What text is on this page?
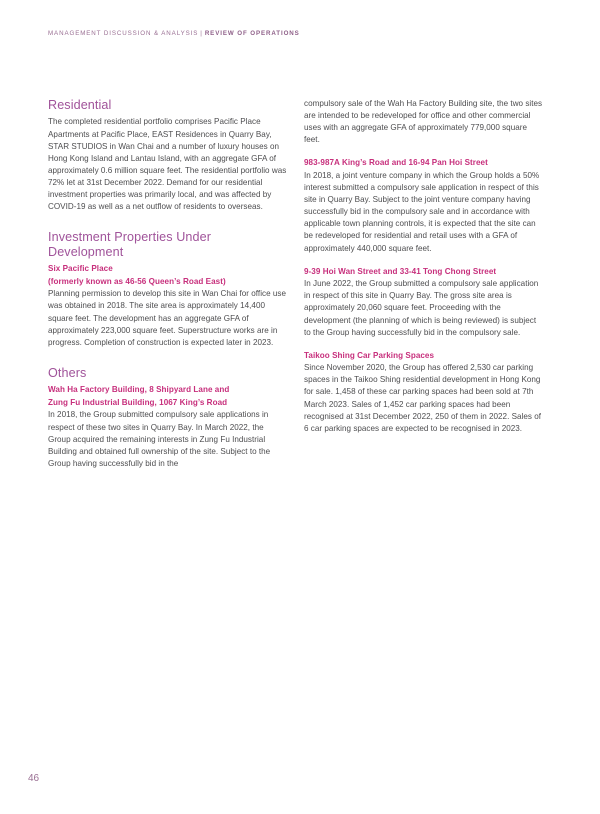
MANAGEMENT DISCUSSION & ANALYSIS | REVIEW OF OPERATIONS
Residential

The completed residential portfolio comprises Pacific Place Apartments at Pacific Place, EAST Residences in Quarry Bay, STAR STUDIOS in Wan Chai and a number of luxury houses on Hong Kong Island and Lantau Island, with an aggregate GFA of approximately 0.6 million square feet. The residential portfolio was 72% let at 31st December 2022. Demand for our residential investment properties was primarily local, and was affected by COVID-19 as well as a net outflow of residents to overseas.

Investment Properties Under Development
Six Pacific Place
(formerly known as 46-56 Queen’s Road East)

Planning permission to develop this site in Wan Chai for office use was obtained in 2018. The site area is approximately 14,400 square feet. The development has an aggregate GFA of approximately 223,000 square feet. Superstructure works are in progress. Completion of construction is expected later in 2023.

Others
Wah Ha Factory Building, 8 Shipyard Lane and
Zung Fu Industrial Building, 1067 King’s Road

In 2018, the Group submitted compulsory sale applications in respect of these two sites in Quarry Bay. In March 2022, the Group acquired the remaining interests in Zung Fu Industrial Building and obtained full ownership of the site. Subject to the Group having successfully bid in the

compulsory sale of the Wah Ha Factory Building site, the two sites are intended to be redeveloped for office and other commercial uses with an aggregate GFA of approximately 779,000 square feet.

983-987A King’s Road and 16-94 Pan Hoi Street

In 2018, a joint venture company in which the Group holds a 50% interest submitted a compulsory sale application in respect of this site in Quarry Bay. Subject to the joint venture company having successfully bid in the compulsory sale and in accordance with applicable town planning controls, it is expected that the site can be redeveloped for residential and retail uses with a GFA of approximately 440,000 square feet.

9-39 Hoi Wan Street and 33-41 Tong Chong Street

In June 2022, the Group submitted a compulsory sale application in respect of this site in Quarry Bay. The gross site area is approximately 20,060 square feet. Proceeding with the development (the planning of which is being reviewed) is subject to the Group having successfully bid in the compulsory sale.

Taikoo Shing Car Parking Spaces

Since November 2020, the Group has offered 2,530 car parking spaces in the Taikoo Shing residential development in Hong Kong for sale. 1,458 of these car parking spaces had been sold at 7th March 2023. Sales of 1,452 car parking spaces had been recognised at 31st December 2022, 250 of them in 2022. Sales of 6 car parking spaces are expected to be recognised in 2023.

46
